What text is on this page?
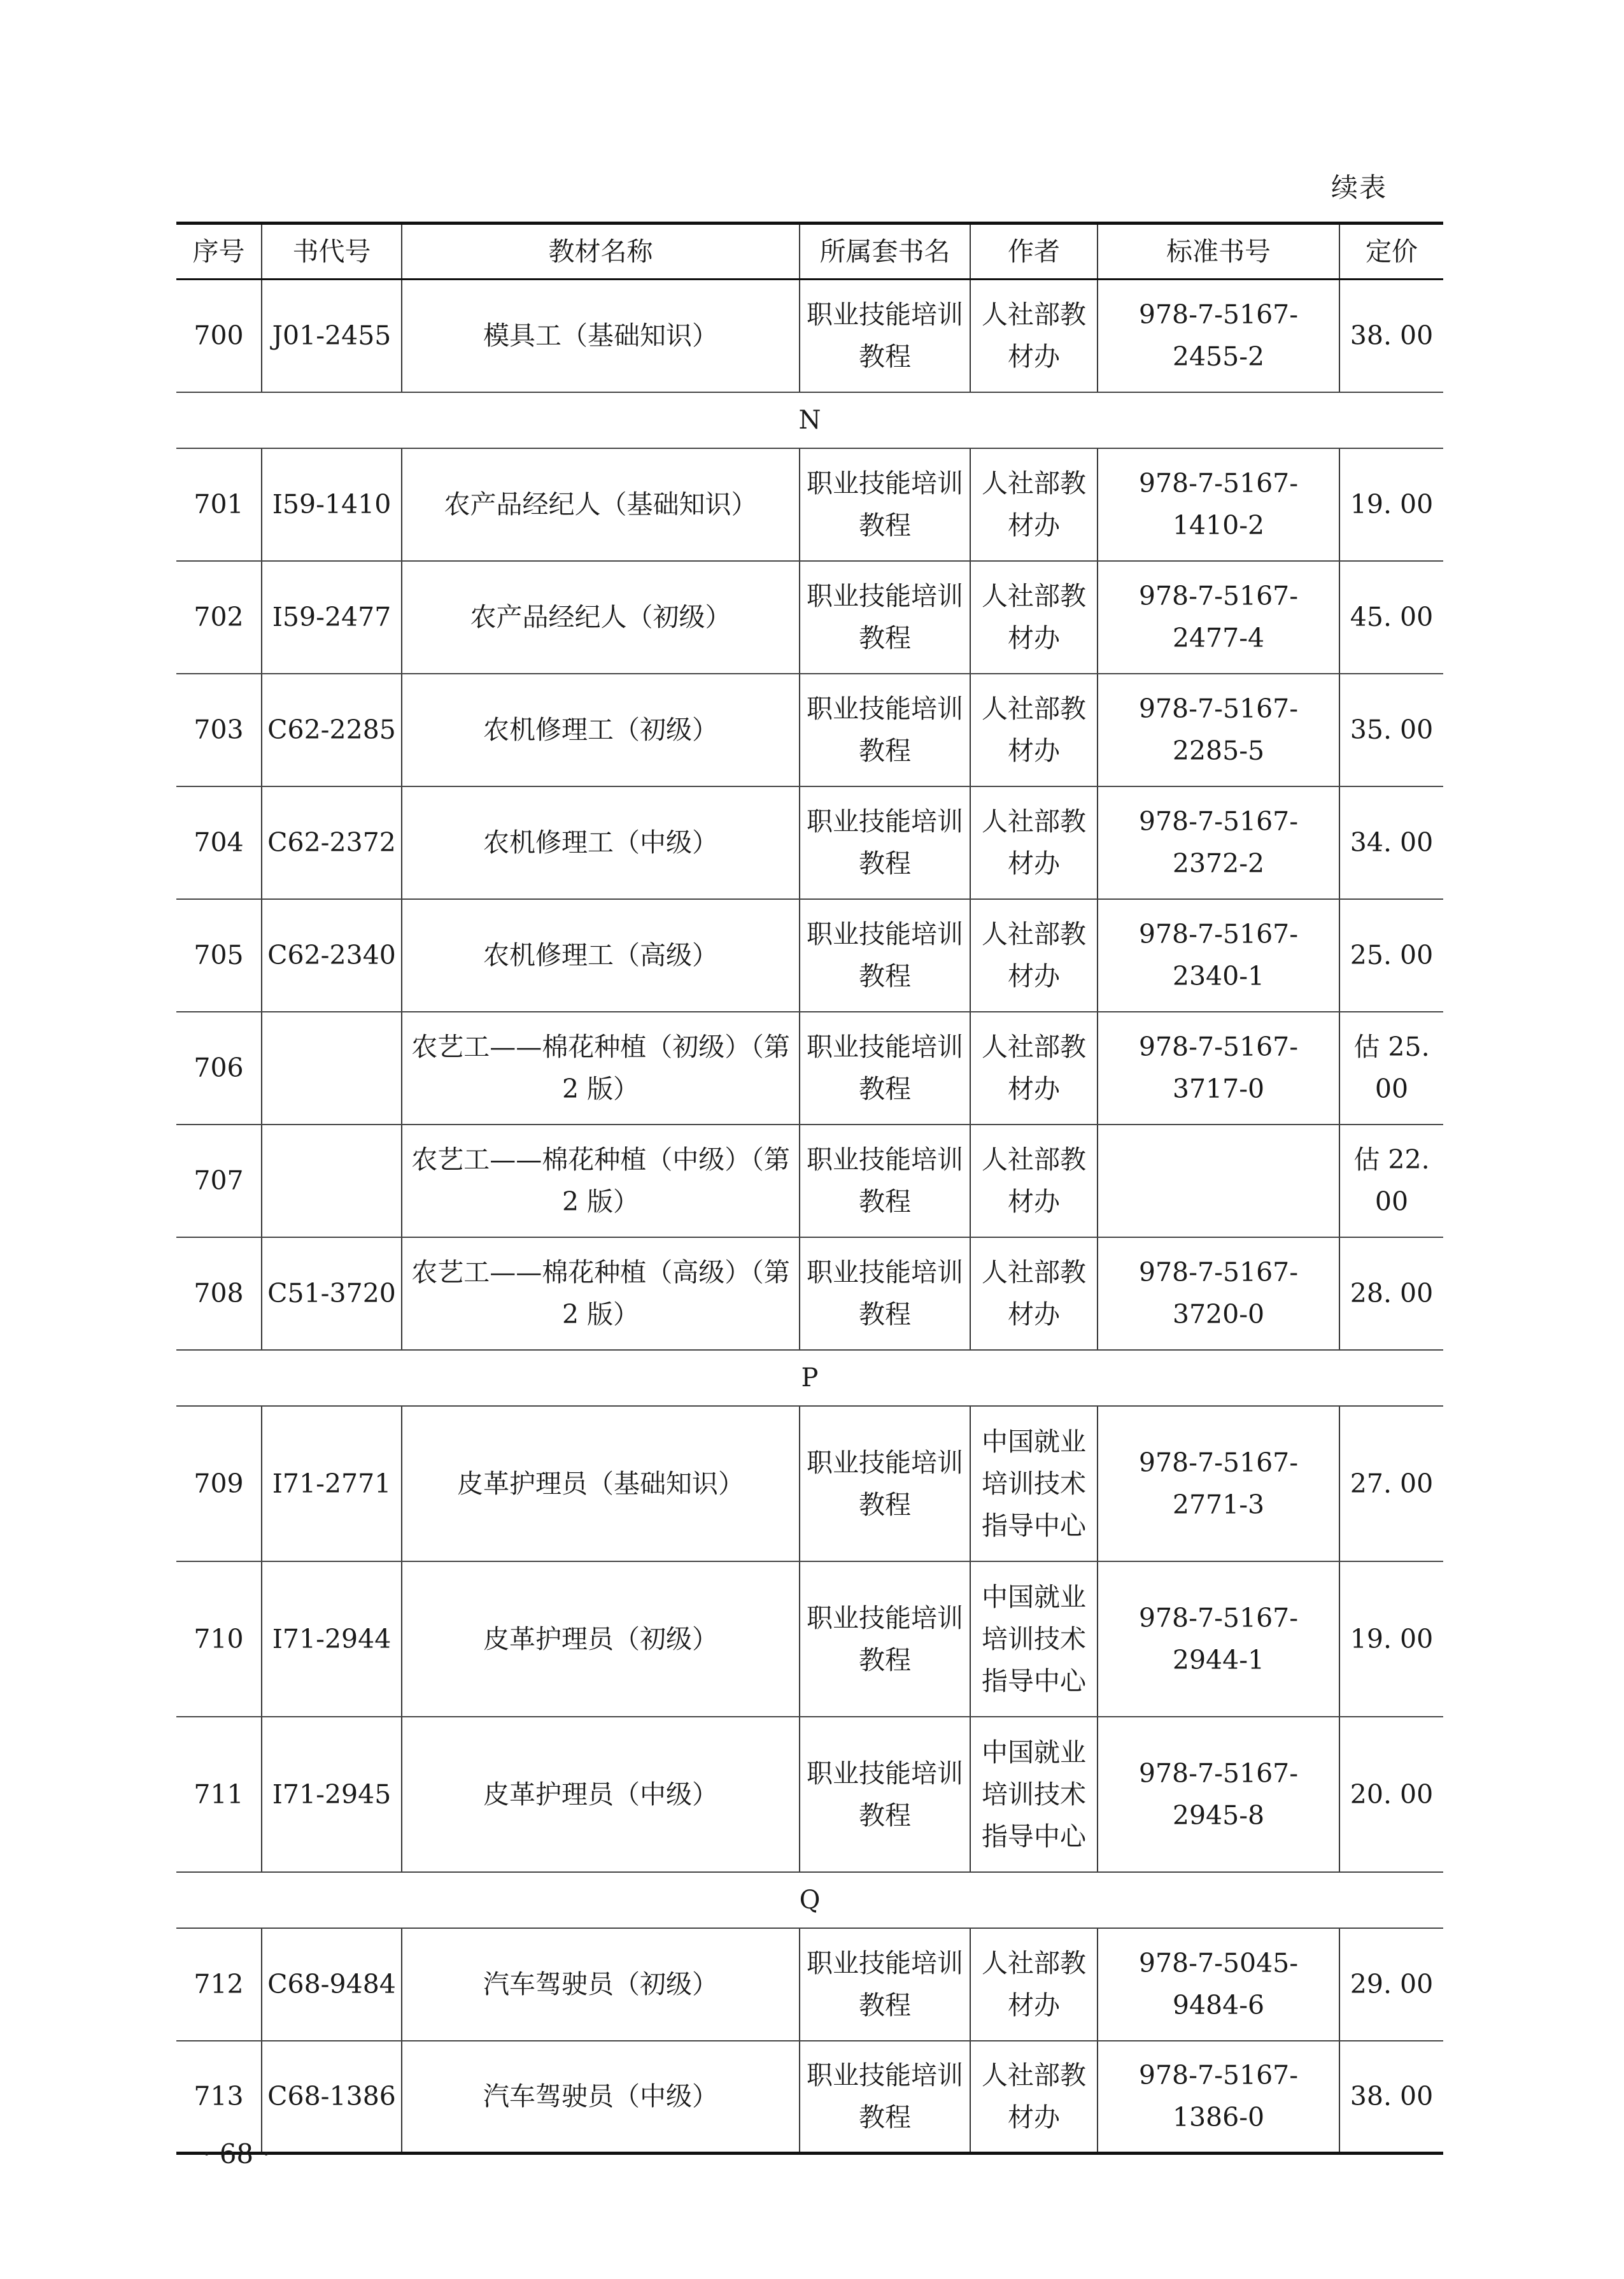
续表
序号	书代号	教材名称	所属套书名	作者	标准书号	定价
700	J01-2455	模具工（基础知识）	职业技能培训教程	人社部教材办	978-7-5167-2455-2	38. 00
N						
701	I59-1410	农产品经纪人（基础知识）	职业技能培训教程	人社部教材办	978-7-5167-1410-2	19. 00
702	I59-2477	农产品经纪人（初级）	职业技能培训教程	人社部教材办	978-7-5167-2477-4	45. 00
703	C62-2285	农机修理工（初级）	职业技能培训教程	人社部教材办	978-7-5167-2285-5	35. 00
704	C62-2372	农机修理工（中级）	职业技能培训教程	人社部教材办	978-7-5167-2372-2	34. 00
705	C62-2340	农机修理工（高级）	职业技能培训教程	人社部教材办	978-7-5167-2340-1	25. 00
706		农艺工——棉花种植（初级）（第 2 版）	职业技能培训教程	人社部教材办	978-7-5167-3717-0	估 25. 00
707		农艺工——棉花种植（中级）（第 2 版）	职业技能培训教程	人社部教材办		估 22. 00
708	C51-3720	农艺工——棉花种植（高级）（第 2 版）	职业技能培训教程	人社部教材办	978-7-5167-3720-0	28. 00
P						
709	I71-2771	皮革护理员（基础知识）	职业技能培训教程	中国就业培训技术指导中心	978-7-5167-2771-3	27. 00
710	I71-2944	皮革护理员（初级）	职业技能培训教程	中国就业培训技术指导中心	978-7-5167-2944-1	19. 00
711	I71-2945	皮革护理员（中级）	职业技能培训教程	中国就业培训技术指导中心	978-7-5167-2945-8	20. 00
Q						
712	C68-9484	汽车驾驶员（初级）	职业技能培训教程	人社部教材办	978-7-5045-9484-6	29. 00
713	C68-1386	汽车驾驶员（中级）	职业技能培训教程	人社部教材办	978-7-5167-1386-0	38. 00
· 68 ·
